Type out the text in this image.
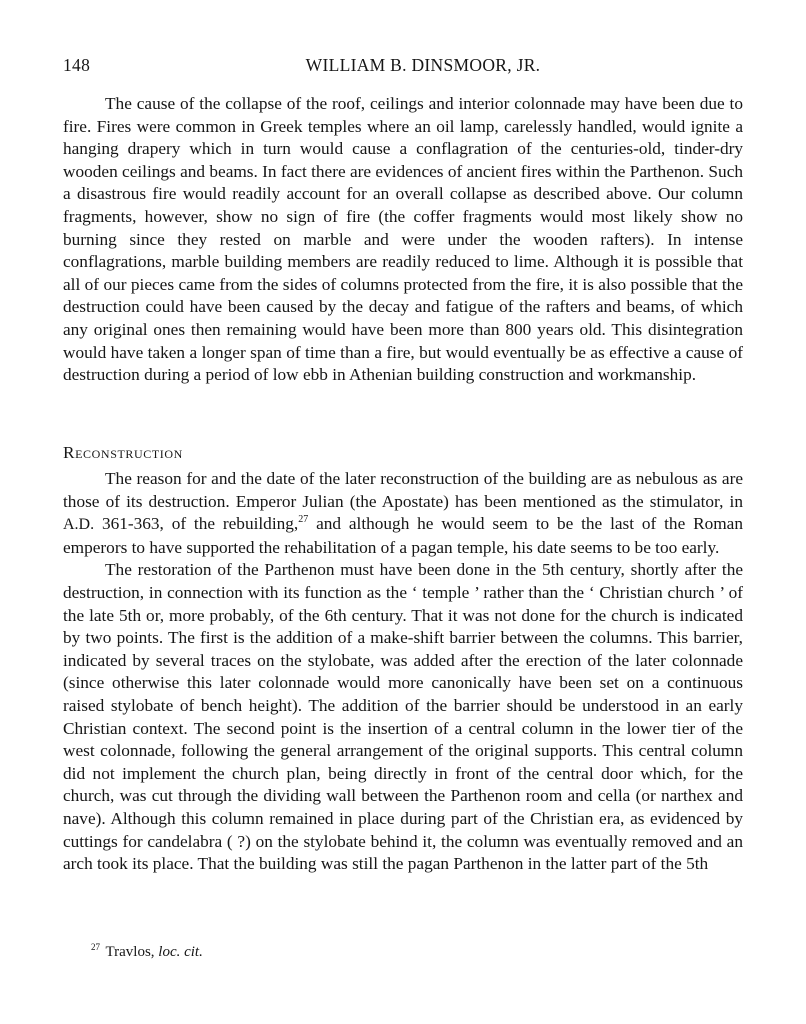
148	WILLIAM B. DINSMOOR, JR.

The cause of the collapse of the roof, ceilings and interior colonnade may have been due to fire. Fires were common in Greek temples where an oil lamp, carelessly handled, would ignite a hanging drapery which in turn would cause a conflagration of the centuries-old, tinder-dry wooden ceilings and beams. In fact there are evidences of ancient fires within the Parthenon. Such a disastrous fire would readily account for an overall collapse as described above. Our column fragments, however, show no sign of fire (the coffer fragments would most likely show no burning since they rested on marble and were under the wooden rafters). In intense conflagrations, marble building members are readily reduced to lime. Although it is possible that all of our pieces came from the sides of columns protected from the fire, it is also possible that the destruction could have been caused by the decay and fatigue of the rafters and beams, of which any original ones then remaining would have been more than 800 years old. This disintegration would have taken a longer span of time than a fire, but would eventually be as effective a cause of destruction during a period of low ebb in Athenian building construction and workmanship.

Reconstruction

The reason for and the date of the later reconstruction of the building are as nebulous as are those of its destruction. Emperor Julian (the Apostate) has been mentioned as the stimulator, in A.D. 361-363, of the rebuilding,$^{27}$ and although he would seem to be the last of the Roman emperors to have supported the rehabilitation of a pagan temple, his date seems to be too early.

The restoration of the Parthenon must have been done in the 5th century, shortly after the destruction, in connection with its function as the ‘ temple ’ rather than the ‘ Christian church ’ of the late 5th or, more probably, of the 6th century. That it was not done for the church is indicated by two points. The first is the addition of a make-shift barrier between the columns. This barrier, indicated by several traces on the stylobate, was added after the erection of the later colonnade (since otherwise this later colonnade would more canonically have been set on a continuous raised stylobate of bench height). The addition of the barrier should be understood in an early Christian context. The second point is the insertion of a central column in the lower tier of the west colonnade, following the general arrangement of the original supports. This central column did not implement the church plan, being directly in front of the central door which, for the church, was cut through the dividing wall between the Parthenon room and cella (or narthex and nave). Although this column remained in place during part of the Christian era, as evidenced by cuttings for candelabra ( ?) on the stylobate behind it, the column was eventually removed and an arch took its place. That the building was still the pagan Parthenon in the latter part of the 5th

$^{27}$ Travlos, loc. cit.
